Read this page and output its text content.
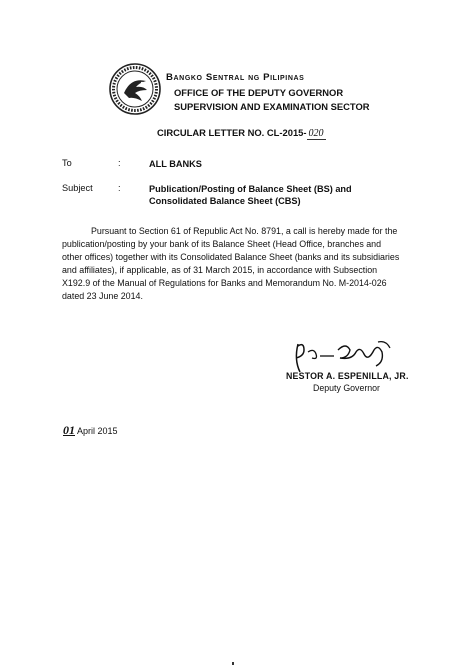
Bangko Sentral ng Pilipinas
OFFICE OF THE DEPUTY GOVERNOR
SUPERVISION AND EXAMINATION SECTOR
CIRCULAR LETTER NO. CL-2015- 020
To	:	ALL BANKS
Subject	:	Publication/Posting of Balance Sheet (BS) and Consolidated Balance Sheet (CBS)
Pursuant to Section 61 of Republic Act No. 8791, a call is hereby made for the
publication/posting by your bank of its Balance Sheet (Head Office, branches and
other offices) together with its Consolidated Balance Sheet (banks and its subsidiaries
and affiliates), if applicable, as of 31 March 2015, in accordance with Subsection
X192.9 of the Manual of Regulations for Banks and Memorandum No. M-2014-026
dated 23 June 2014.
NESTOR A. ESPENILLA, JR.
Deputy Governor
01 April 2015
